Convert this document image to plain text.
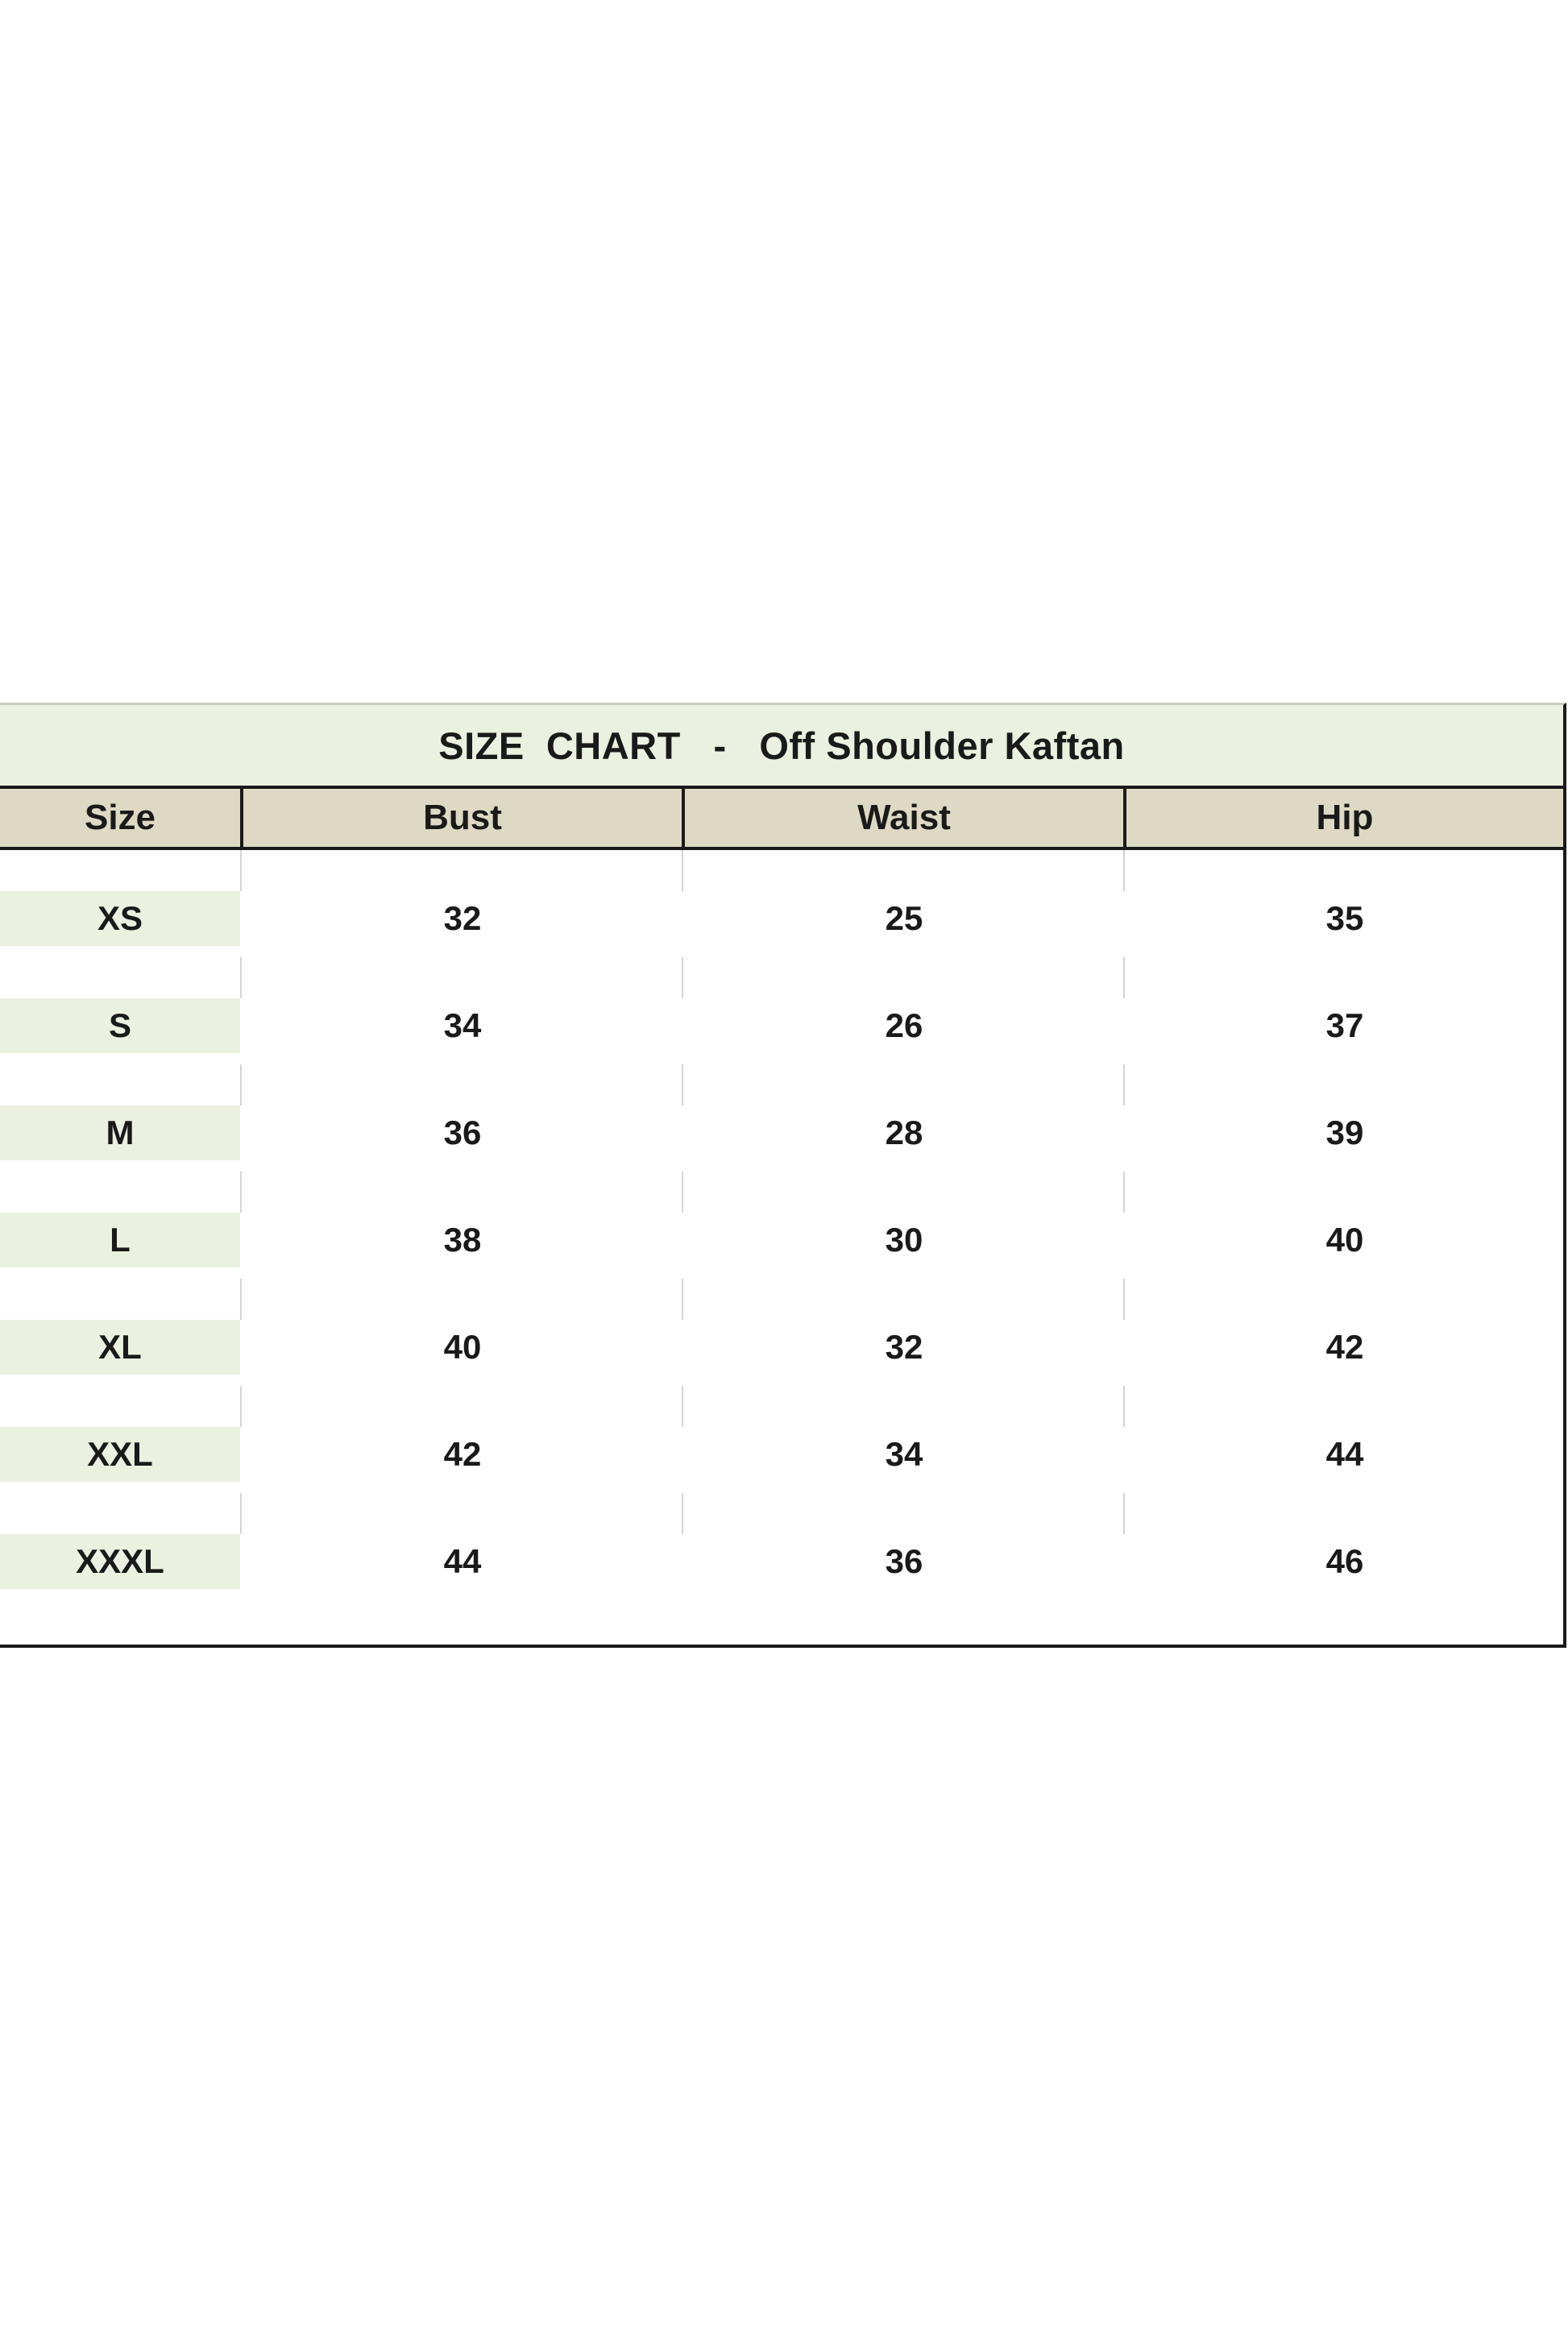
SIZE  CHART   -   Off Shoulder Kaftan
Size	Bust	Waist	Hip
XS	32	25	35
S	34	26	37
M	36	28	39
L	38	30	40
XL	40	32	42
XXL	42	34	44
XXXL	44	36	46
